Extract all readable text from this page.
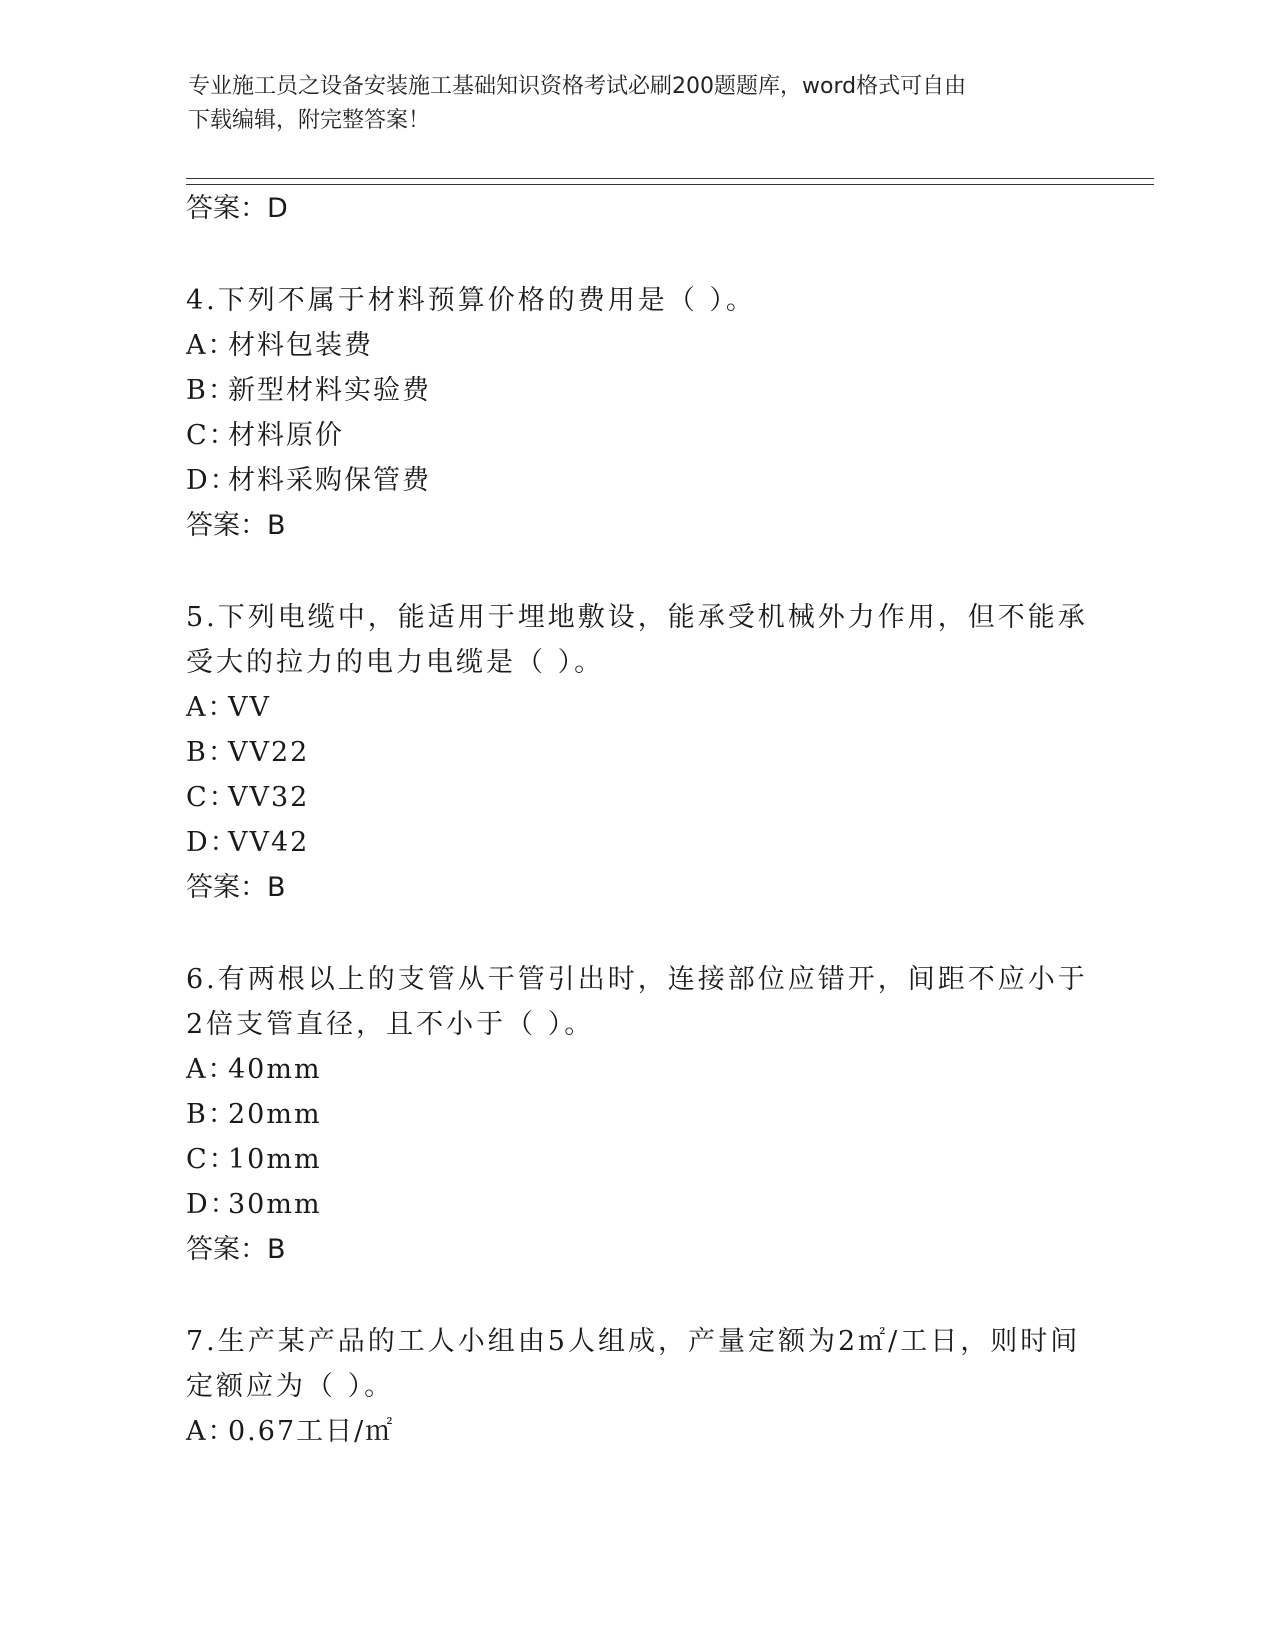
专业施工员之设备安装施工基础知识资格考试必刷200题题库，word格式可自由
下载编辑，附完整答案！
答案：D
4.下列不属于材料预算价格的费用是（ ）。
A：材料包装费
B：新型材料实验费
C：材料原价
D：材料采购保管费
答案：B
5.下列电缆中，能适用于埋地敷设，能承受机械外力作用，但不能承受大的拉力的电力电缆是（ ）。
A：VV
B：VV22
C：VV32
D：VV42
答案：B
6.有两根以上的支管从干管引出时，连接部位应错开，间距不应小于2倍支管直径，且不小于（ ）。
A：40mm
B：20mm
C：10mm
D：30mm
答案：B
7.生产某产品的工人小组由5人组成，产量定额为2㎡/工日，则时间定额应为（ ）。
A：0.67工日/㎡
